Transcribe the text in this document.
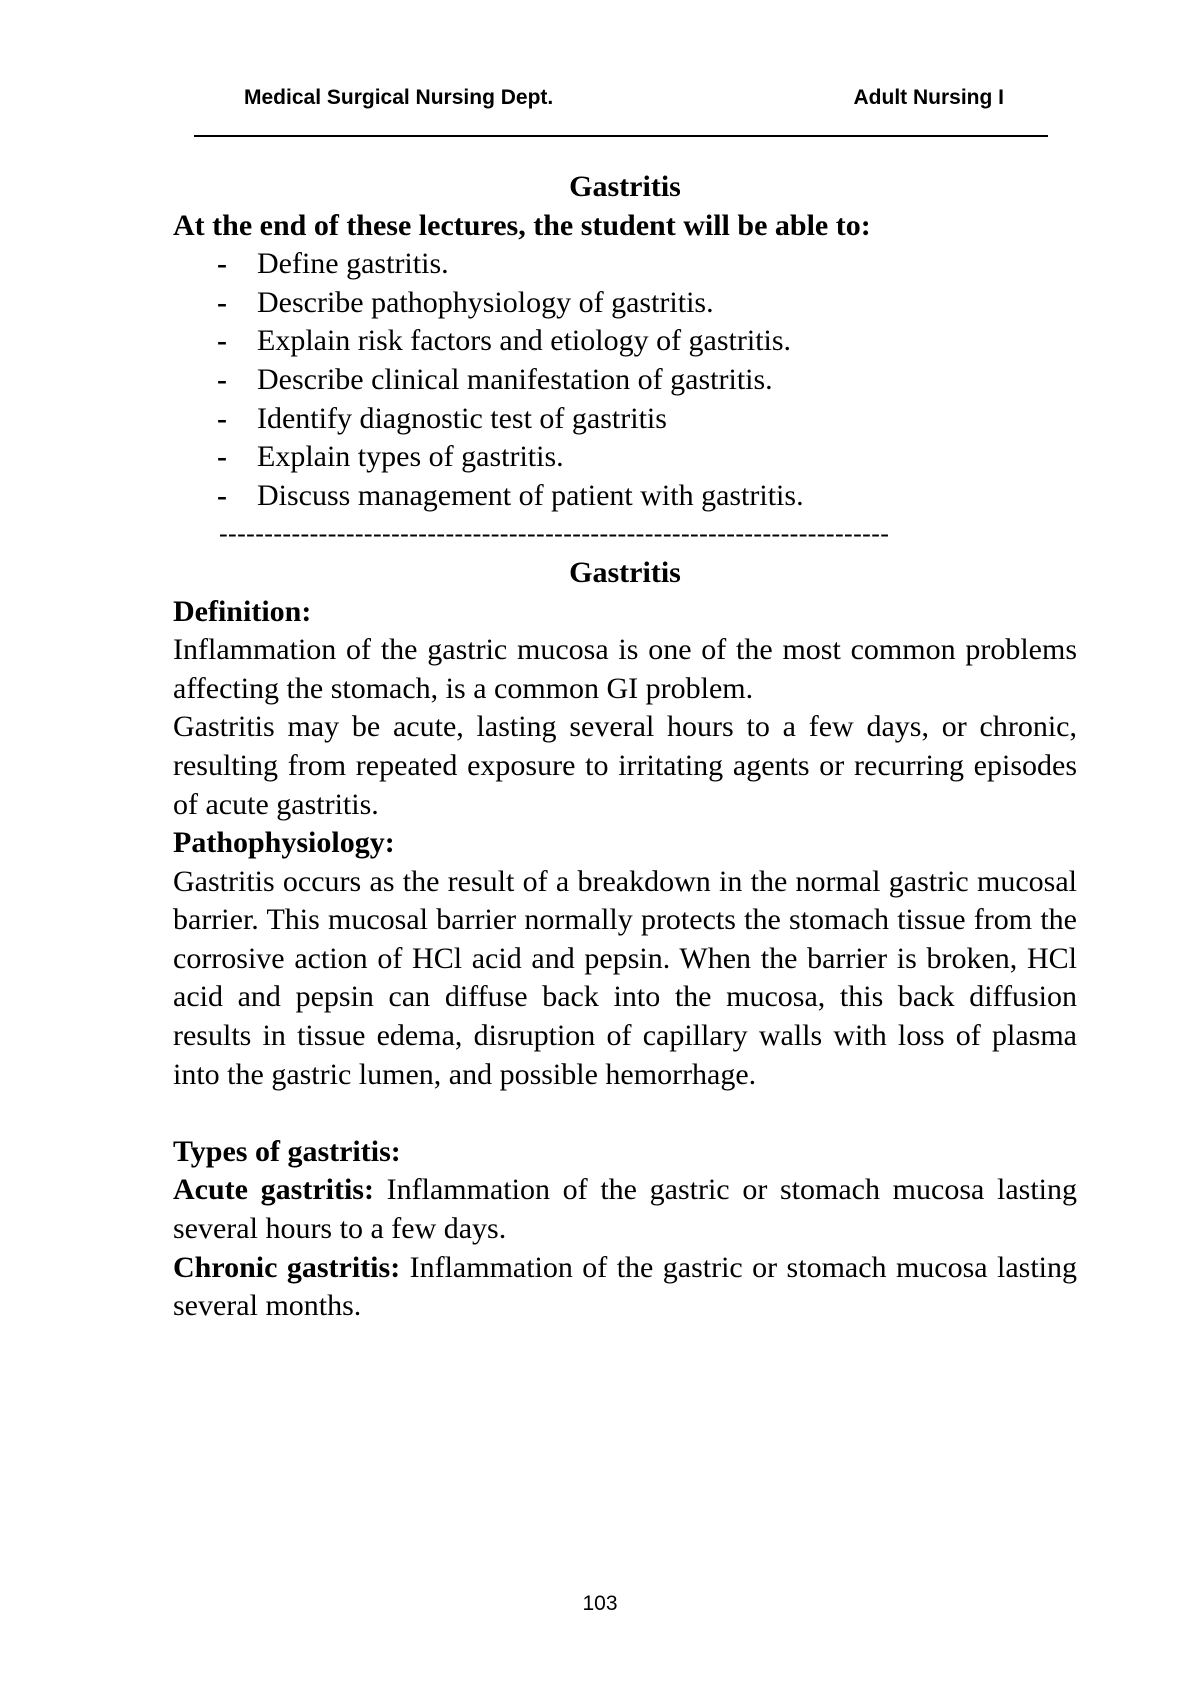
Medical Surgical Nursing Dept.	Adult Nursing I
Gastritis
At the end of these lectures, the student will be able to:
- Define gastritis.
- Describe pathophysiology of gastritis.
- Explain risk factors and etiology of gastritis.
- Describe clinical manifestation of gastritis.
- Identify diagnostic test of gastritis
- Explain types of gastritis.
- Discuss management of patient with gastritis.
--------------------------------------------------------------------------
Gastritis
Definition:
Inflammation of the gastric mucosa is one of the most common problems affecting the stomach, is a common GI problem.
Gastritis may be acute, lasting several hours to a few days, or chronic, resulting from repeated exposure to irritating agents or recurring episodes of acute gastritis.
Pathophysiology:
Gastritis occurs as the result of a breakdown in the normal gastric mucosal barrier. This mucosal barrier normally protects the stomach tissue from the corrosive action of HCl acid and pepsin. When the barrier is broken, HCl acid and pepsin can diffuse back into the mucosa, this back diffusion results in tissue edema, disruption of capillary walls with loss of plasma into the gastric lumen, and possible hemorrhage.
Types of gastritis:
Acute gastritis: Inflammation of the gastric or stomach mucosa lasting several hours to a few days.
Chronic gastritis: Inflammation of the gastric or stomach mucosa lasting several months.
103
